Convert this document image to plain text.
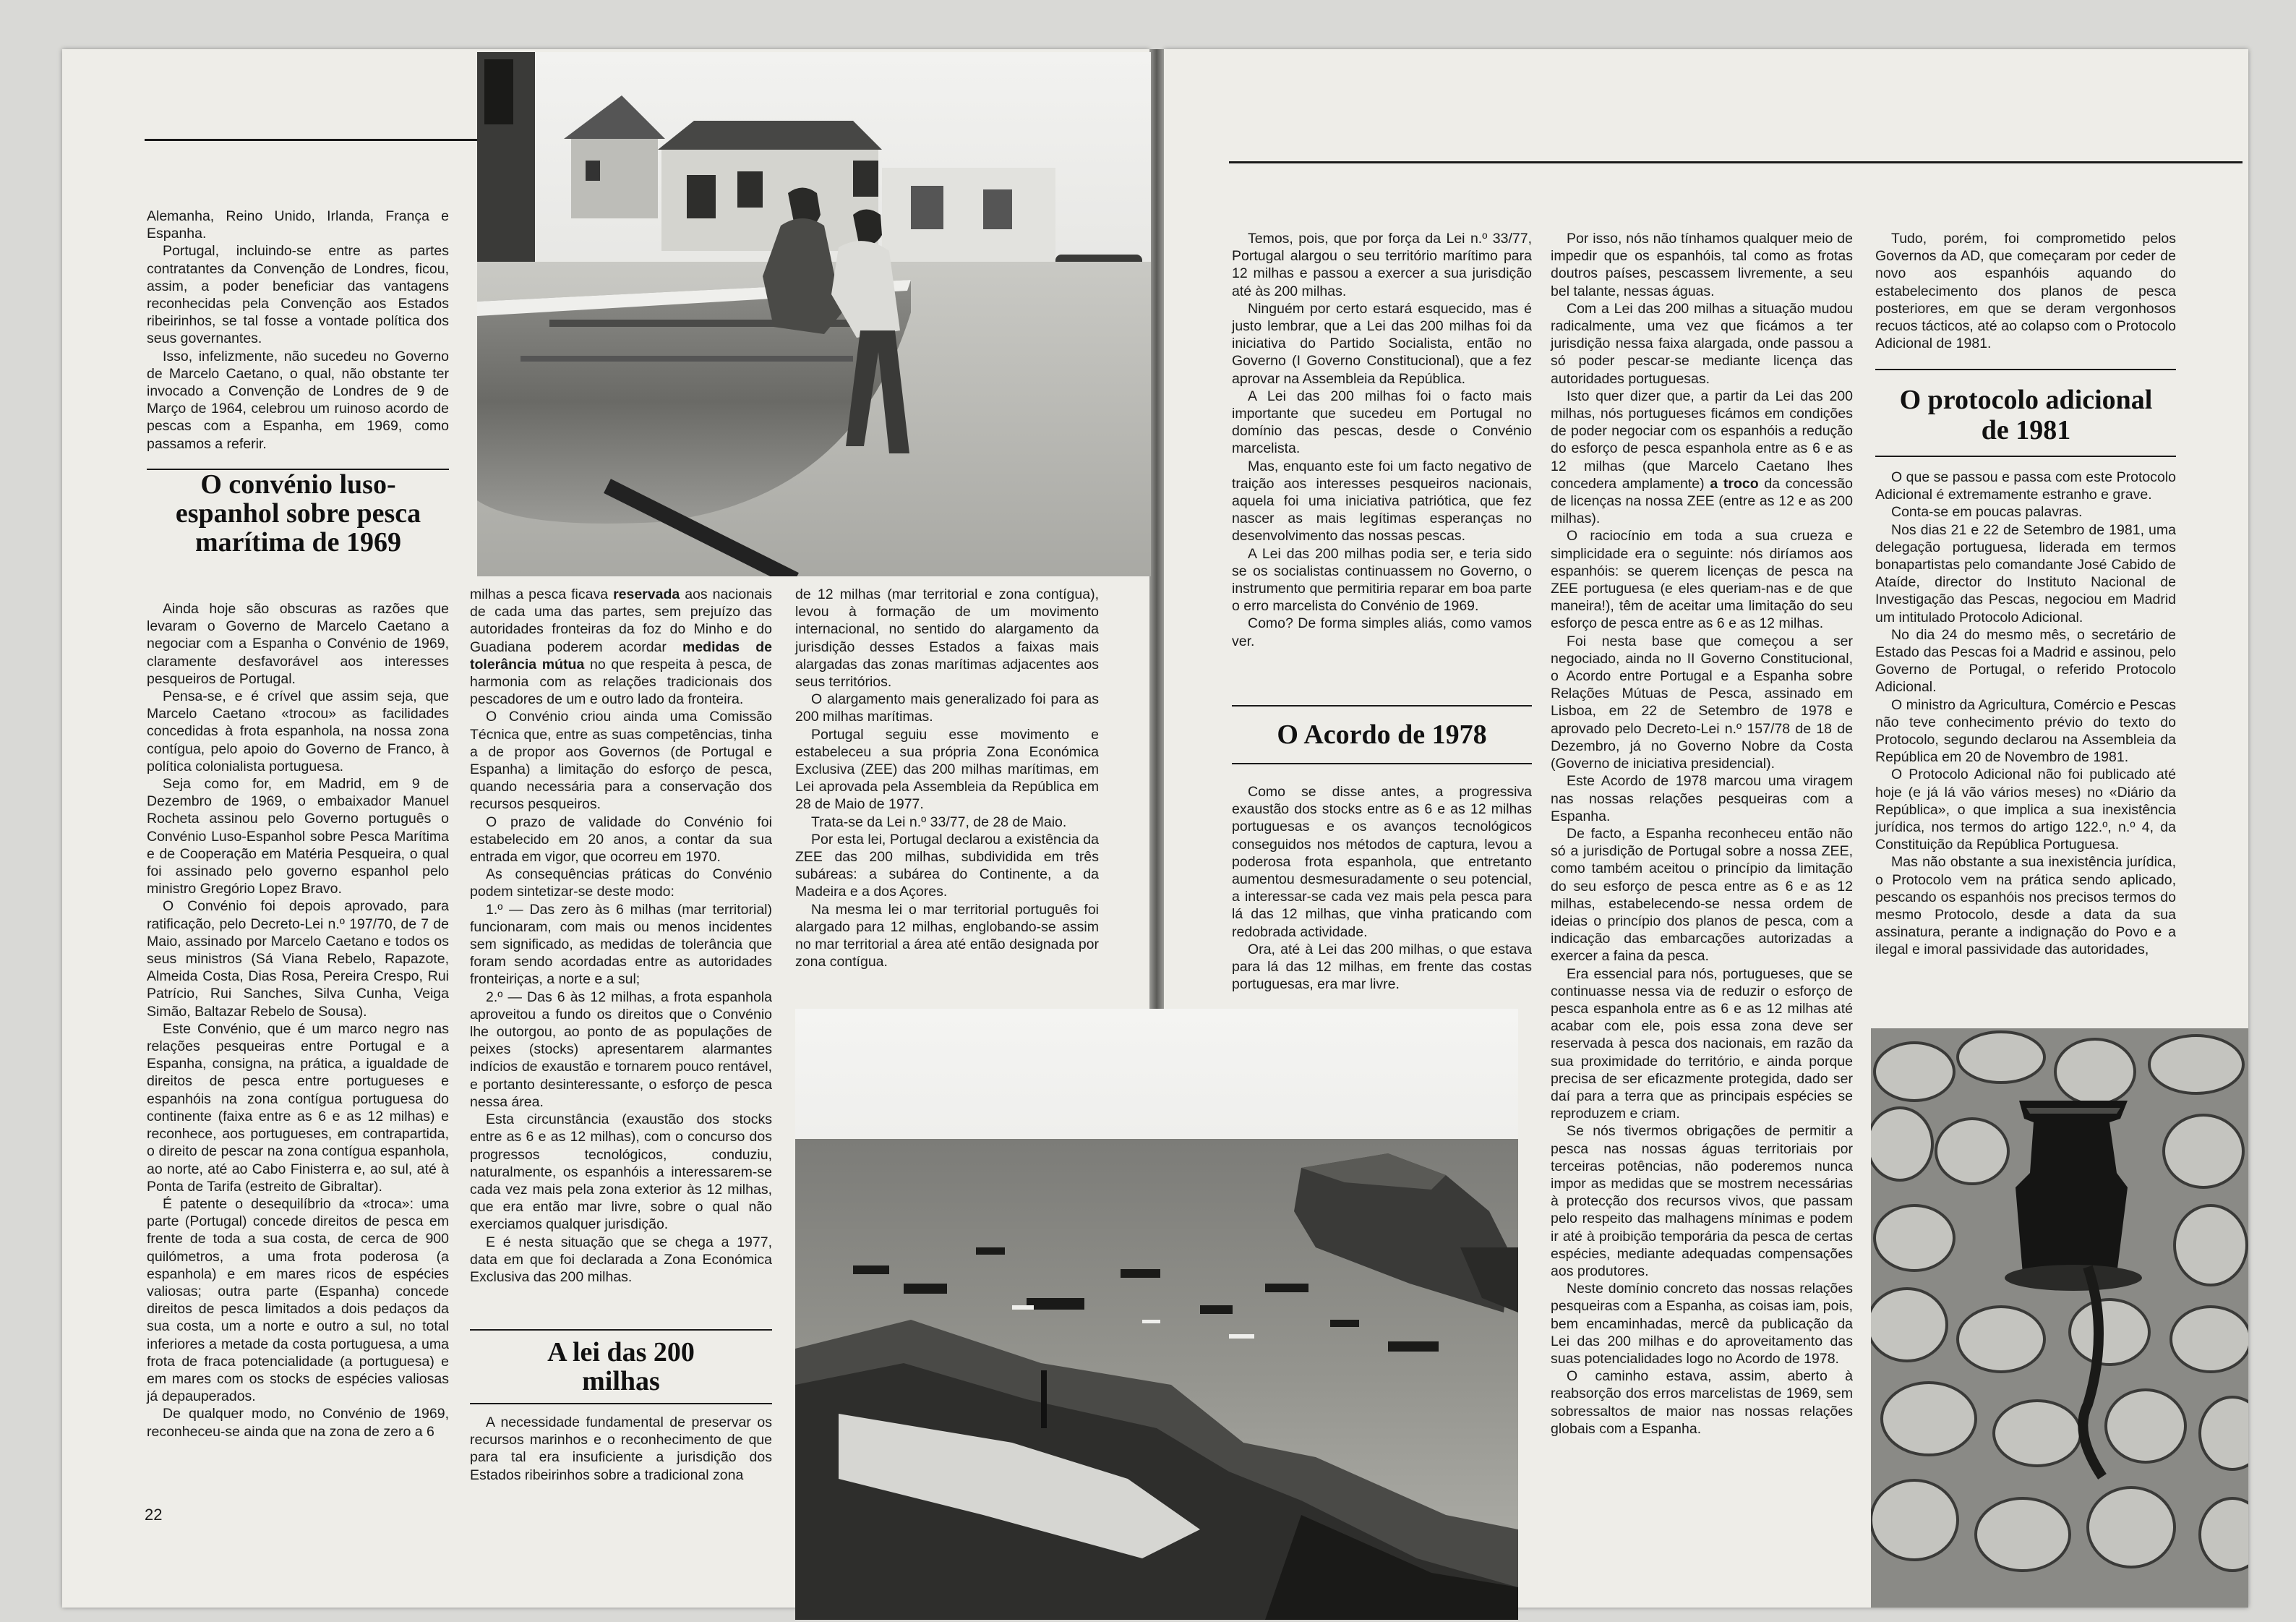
Alemanha, Reino Unido, Irlanda, França e Espanha.

Portugal, incluindo-se entre as partes contratantes da Convenção de Londres, ficou, assim, a poder beneficiar das vantagens reconhecidas pela Convenção aos Estados ribeirinhos, se tal fosse a vontade política dos seus governantes.

Isso, infelizmente, não sucedeu no Governo de Marcelo Caetano, o qual, não obstante ter invocado a Convenção de Londres de 9 de Março de 1964, celebrou um ruinoso acordo de pescas com a Espanha, em 1969, como passamos a referir.

O convénio luso-espanhol sobre pesca marítima de 1969

Ainda hoje são obscuras as razões que levaram o Governo de Marcelo Caetano a negociar com a Espanha o Convénio de 1969, claramente desfavorável aos interesses pesqueiros de Portugal.

Pensa-se, e é crível que assim seja, que Marcelo Caetano «trocou» as facilidades concedidas à frota espanhola, na nossa zona contígua, pelo apoio do Governo de Franco, à política colonialista portuguesa.

Seja como for, em Madrid, em 9 de Dezembro de 1969, o embaixador Manuel Rocheta assinou pelo Governo português o Convénio Luso-Espanhol sobre Pesca Marítima e de Cooperação em Matéria Pesqueira, o qual foi assinado pelo governo espanhol pelo ministro Gregório Lopez Bravo.

O Convénio foi depois aprovado, para ratificação, pelo Decreto-Lei n.º 197/70, de 7 de Maio, assinado por Marcelo Caetano e todos os seus ministros (Sá Viana Rebelo, Rapazote, Almeida Costa, Dias Rosa, Pereira Crespo, Rui Patrício, Rui Sanches, Silva Cunha, Veiga Simão, Baltazar Rebelo de Sousa).

Este Convénio, que é um marco negro nas relações pesqueiras entre Portugal e a Espanha, consigna, na prática, a igualdade de direitos de pesca entre portugueses e espanhóis na zona contígua portuguesa do continente (faixa entre as 6 e as 12 milhas) e reconhece, aos portugueses, em contrapartida, o direito de pescar na zona contígua espanhola, ao norte, até ao Cabo Finisterra e, ao sul, até à Ponta de Tarifa (estreito de Gibraltar).

É patente o desequilíbrio da «troca»: uma parte (Portugal) concede direitos de pesca em frente de toda a sua costa, de cerca de 900 quilómetros, a uma frota poderosa (a espanhola) e em mares ricos de espécies valiosas; outra parte (Espanha) concede direitos de pesca limitados a dois pedaços da sua costa, um a norte e outro a sul, no total inferiores a metade da costa portuguesa, a uma frota de fraca potencialidade (a portuguesa) e em mares com os stocks de espécies valiosas já depauperados.

De qualquer modo, no Convénio de 1969, reconheceu-se ainda que na zona de zero a 6

22

milhas a pesca ficava reservada aos nacionais de cada uma das partes, sem prejuízo das autoridades fronteiras da foz do Minho e do Guadiana poderem acordar medidas de tolerância mútua no que respeita à pesca, de harmonia com as relações tradicionais dos pescadores de um e outro lado da fronteira.

O Convénio criou ainda uma Comissão Técnica que, entre as suas competências, tinha a de propor aos Governos (de Portugal e Espanha) a limitação do esforço de pesca, quando necessária para a conservação dos recursos pesqueiros.

O prazo de validade do Convénio foi estabelecido em 20 anos, a contar da sua entrada em vigor, que ocorreu em 1970.

As consequências práticas do Convénio podem sintetizar-se deste modo:

1.º — Das zero às 6 milhas (mar territorial) funcionaram, com mais ou menos incidentes sem significado, as medidas de tolerância que foram sendo acordadas entre as autoridades fronteiriças, a norte e a sul;

2.º — Das 6 às 12 milhas, a frota espanhola aproveitou a fundo os direitos que o Convénio lhe outorgou, ao ponto de as populações de peixes (stocks) apresentarem alarmantes indícios de exaustão e tornarem pouco rentável, e portanto desinteressante, o esforço de pesca nessa área.

Esta circunstância (exaustão dos stocks entre as 6 e as 12 milhas), com o concurso dos progressos tecnológicos, conduziu, naturalmente, os espanhóis a interessarem-se cada vez mais pela zona exterior às 12 milhas, que era então mar livre, sobre o qual não exerciamos qualquer jurisdição.

E é nesta situação que se chega a 1977, data em que foi declarada a Zona Económica Exclusiva das 200 milhas.

A lei das 200 milhas

A necessidade fundamental de preservar os recursos marinhos e o reconhecimento de que para tal era insuficiente a jurisdição dos Estados ribeirinhos sobre a tradicional zona

de 12 milhas (mar territorial e zona contígua), levou à formação de um movimento internacional, no sentido do alargamento da jurisdição desses Estados a faixas mais alargadas das zonas marítimas adjacentes aos seus territórios.

O alargamento mais generalizado foi para as 200 milhas marítimas.

Portugal seguiu esse movimento e estabeleceu a sua própria Zona Económica Exclusiva (ZEE) das 200 milhas marítimas, em Lei aprovada pela Assembleia da República em 28 de Maio de 1977.

Trata-se da Lei n.º 33/77, de 28 de Maio.

Por esta lei, Portugal declarou a existência da ZEE das 200 milhas, subdividida em três subáreas: a subárea do Continente, a da Madeira e a dos Açores.

Na mesma lei o mar territorial português foi alargado para 12 milhas, englobando-se assim no mar territorial a área até então designada por zona contígua.

Temos, pois, que por força da Lei n.º 33/77, Portugal alargou o seu território marítimo para 12 milhas e passou a exercer a sua jurisdição até às 200 milhas.

Ninguém por certo estará esquecido, mas é justo lembrar, que a Lei das 200 milhas foi da iniciativa do Partido Socialista, então no Governo (I Governo Constitucional), que a fez aprovar na Assembleia da República.

A Lei das 200 milhas foi o facto mais importante que sucedeu em Portugal no domínio das pescas, desde o Convénio marcelista.

Mas, enquanto este foi um facto negativo de traição aos interesses pesqueiros nacionais, aquela foi uma iniciativa patriótica, que fez nascer as mais legítimas esperanças no desenvolvimento das nossas pescas.

A Lei das 200 milhas podia ser, e teria sido se os socialistas continuassem no Governo, o instrumento que permitiria reparar em boa parte o erro marcelista do Convénio de 1969.

Como? De forma simples aliás, como vamos ver.

O Acordo de 1978

Como se disse antes, a progressiva exaustão dos stocks entre as 6 e as 12 milhas portuguesas e os avanços tecnológicos conseguidos nos métodos de captura, levou a poderosa frota espanhola, que entretanto aumentou desmesuradamente o seu potencial, a interessar-se cada vez mais pela pesca para lá das 12 milhas, que vinha praticando com redobrada actividade.

Ora, até à Lei das 200 milhas, o que estava para lá das 12 milhas, em frente das costas portuguesas, era mar livre.

Por isso, nós não tínhamos qualquer meio de impedir que os espanhóis, tal como as frotas doutros países, pescassem livremente, a seu bel talante, nessas águas.

Com a Lei das 200 milhas a situação mudou radicalmente, uma vez que ficámos a ter jurisdição nessa faixa alargada, onde passou a só poder pescar-se mediante licença das autoridades portuguesas.

Isto quer dizer que, a partir da Lei das 200 milhas, nós portugueses ficámos em condições de poder negociar com os espanhóis a redução do esforço de pesca espanhola entre as 6 e as 12 milhas (que Marcelo Caetano lhes concedera amplamente) a troco da concessão de licenças na nossa ZEE (entre as 12 e as 200 milhas).

O raciocínio em toda a sua crueza e simplicidade era o seguinte: nós diríamos aos espanhóis: se querem licenças de pesca na ZEE portuguesa (e eles queriam-nas e de que maneira!), têm de aceitar uma limitação do seu esforço de pesca entre as 6 e as 12 milhas.

Foi nesta base que começou a ser negociado, ainda no II Governo Constitucional, o Acordo entre Portugal e a Espanha sobre Relações Mútuas de Pesca, assinado em Lisboa, em 22 de Setembro de 1978 e aprovado pelo Decreto-Lei n.º 157/78 de 18 de Dezembro, já no Governo Nobre da Costa (Governo de iniciativa presidencial).

Este Acordo de 1978 marcou uma viragem nas nossas relações pesqueiras com a Espanha.

De facto, a Espanha reconheceu então não só a jurisdição de Portugal sobre a nossa ZEE, como também aceitou o princípio da limitação do seu esforço de pesca entre as 6 e as 12 milhas, estabelecendo-se nessa ordem de ideias o princípio dos planos de pesca, com a indicação das embarcações autorizadas a exercer a faina da pesca.

Era essencial para nós, portugueses, que se continuasse nessa via de reduzir o esforço de pesca espanhola entre as 6 e as 12 milhas até acabar com ele, pois essa zona deve ser reservada à pesca dos nacionais, em razão da sua proximidade do território, e ainda porque precisa de ser eficazmente protegida, dado ser daí para a terra que as principais espécies se reproduzem e criam.

Se nós tivermos obrigações de permitir a pesca nas nossas águas territoriais por terceiras potências, não poderemos nunca impor as medidas que se mostrem necessárias à protecção dos recursos vivos, que passam pelo respeito das malhagens mínimas e podem ir até à proibição temporária da pesca de certas espécies, mediante adequadas compensações aos produtores.

Neste domínio concreto das nossas relações pesqueiras com a Espanha, as coisas iam, pois, bem encaminhadas, mercê da publicação da Lei das 200 milhas e do aproveitamento das suas potencialidades logo no Acordo de 1978.

O caminho estava, assim, aberto à reabsorção dos erros marcelistas de 1969, sem sobressaltos de maior nas nossas relações globais com a Espanha.

Tudo, porém, foi comprometido pelos Governos da AD, que começaram por ceder de novo aos espanhóis aquando do estabelecimento dos planos de pesca posteriores, em que se deram vergonhosos recuos tácticos, até ao colapso com o Protocolo Adicional de 1981.

O protocolo adicional de 1981

O que se passou e passa com este Protocolo Adicional é extremamente estranho e grave.

Conta-se em poucas palavras.

Nos dias 21 e 22 de Setembro de 1981, uma delegação portuguesa, liderada em termos bonapartistas pelo comandante José Cabido de Ataíde, director do Instituto Nacional de Investigação das Pescas, negociou em Madrid um intitulado Protocolo Adicional.

No dia 24 do mesmo mês, o secretário de Estado das Pescas foi a Madrid e assinou, pelo Governo de Portugal, o referido Protocolo Adicional.

O ministro da Agricultura, Comércio e Pescas não teve conhecimento prévio do texto do Protocolo, segundo declarou na Assembleia da República em 20 de Novembro de 1981.

O Protocolo Adicional não foi publicado até hoje (e já lá vão vários meses) no «Diário da República», o que implica a sua inexistência jurídica, nos termos do artigo 122.º, n.º 4, da Constituição da República Portuguesa.

Mas não obstante a sua inexistência jurídica, o Protocolo vem na prática sendo aplicado, pescando os espanhóis nos precisos termos do mesmo Protocolo, desde a data da sua assinatura, perante a indignação do Povo e a ilegal e imoral passividade das autoridades,
